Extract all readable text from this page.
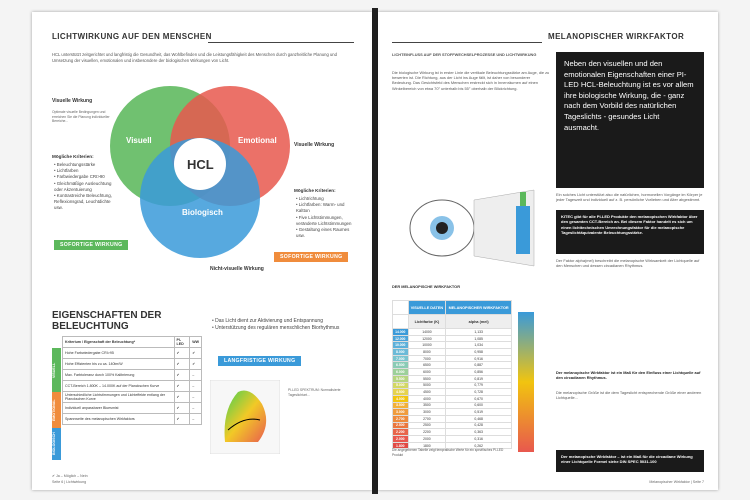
LICHTWIRKUNG AUF DEN MENSCHEN
HCL unterstützt zeitgerichtet und langfristig die Gesundheit, das Wohlbefinden und die Leistungsfähigkeit des Menschen durch ganzheitliche Planung und Umsetzung der visuellen, emotionalen und insbesondere der biologischen Wirkungen von Licht.
Visuell	Emotional
Biologisch
HCL
Visuelle Wirkung
Optimale visuelle Bedingungen und erreichen Sie die Planung individueller Bereiche...
Mögliche Kriterien:
• Beleuchtungsstärke
• Lichtfarben
• Farbwiedergabe CRI>90
• Gleichmäßige Ausleuchtung oder Akzentuierung
• Kontrastreiche Beleuchtung, Reflexionsgrad, Leuchtdichte usw.
SOFORTIGE WIRKUNG
Visuelle Wirkung
Mögliche Kriterien:
• Lichtrichtung
• Lichtfarben: Warm- und Kaltton
• Five Lichtstimmungen, veränderte Lichtstimmungen
• Gestaltung eines Raumes usw.
SOFORTIGE WIRKUNG
Nicht-visuelle Wirkung
• Das Licht dient zur Aktivierung und Entspannung
• Unterstützung des regulären menschlichen Biorhythmus
LANGFRISTIGE WIRKUNG
EIGENSCHAFTEN DER BELEUCHTUNG
VISUELL
EMOTIONAL
BIOLOGISCH
Kriterium / Eigenschaft der Beleuchtung*	PI-LED	WW
Hohe Farbwiedergabe CRI>95	✔	✔
Hohe Effizienten bis zu ca. 140lm/W	✔	✔
Max. Farbtoleranz durch 100% Kalibrierung	✔	–
CCT-Bereich 1.800K – 14.000K auf der Planckschen Kurve	✔	–
Unterschiedliche Lichtstimmungen und Lichteffekte entlang der Planckschen Kurve	✔	–
Individuell anpassbarer Bluesmist	✔	–
Spannweite des melanopischen Wirkfaktors	✔	–
PI-LED SPEKTRUM: Normalisierte Tageslichtart...
Seite 6 | Lichtwirkung
✔ Ja – Möglich – Nein
MELANOPISCHER WIRKFAKTOR
LICHTEINFLUSS AUF DER STOFFWECHSELPROZESSE UND LICHTWIRKUNG
Die biologische Wirkung ist in erster Linie die vertikale Beleuchtungsstärke am Auge, die zu bewerten ist. Die Richtung, aus der Licht ins Auge fällt, ist daher von besonderer Bedeutung. Das Gesichtsfeld des Menschen erstreckt sich in Innenräumen auf einen Winkelbereich von etwa 70° unterhalb bis 55° oberhalb der Blickrichtung.
Neben den visuellen und den emotionalen Eigenschaften einer PI-LED HCL-Beleuchtung ist es vor allem ihre biologische Wirkung, die - ganz nach dem Vorbild des natürlichen Tageslichts - gesundes Licht ausmacht.
Ein solches Licht unterstützt also die natürlichen, hormonellen Vorgänge im Körper je jeder Tageszeit und individuell auf z. B. persönliche Vorlieben und Alter abgestimmt.
KITEC gibt für alle PI-LED Produkte den melanopischen Wirkfaktor über den gesamten CCT-Bereich an. Bei diesem Faktor handelt es sich um einen lichttechnischen Umrechnungsfaktor für die melanopische Tageslichtäquivalente Beleuchtungsstärke.
Der Faktor alpha(mel) beschreibt die melanopische Wirksamkeit der Lichtquelle auf den Menschen und dessen circadianen Rhythmus.
DER MELANOPISCHE WIRKFAKTOR
	VISUELLE DATEN	MELANOPISCHER WIRKFAKTOR
	Lichtfarbe (K)	alpha (mel)
14.000	14000	1,133
12.000	12000	1,085
10.000	10000	1,034
8.000	8000	0,958
7.000	7000	0,916
6.500	6500	0,887
6.000	6000	0,856
5.500	5500	0,819
5.000	5000	0,779
4.500	4500	0,728
4.000	4000	0,670
3.500	3500	0,600
3.000	3000	0,519
2.700	2700	0,468
2.500	2500	0,428
2.200	2200	0,363
2.000	2000	0,316
1.800	1800	0,262
Die angegebenen Tabelle zeigt tempratische Werte für ein spezifisches PI-LED Produkt
Der melanopische Wirkfaktor ist ein Maß für den Einfluss einer Lichtquelle auf den circadianen Rhythmus.
Die melanopische Größe ist die dem Tageslicht entsprechende Größe einer anderen Lichtquelle...
Der melanopische Wirkfaktor – ist ein Maß für die circadiane Wirkung einer Lichtquelle Formel siehe DIN SPEC 5031-100
Melanopischer Wirkfaktor | Seite 7
